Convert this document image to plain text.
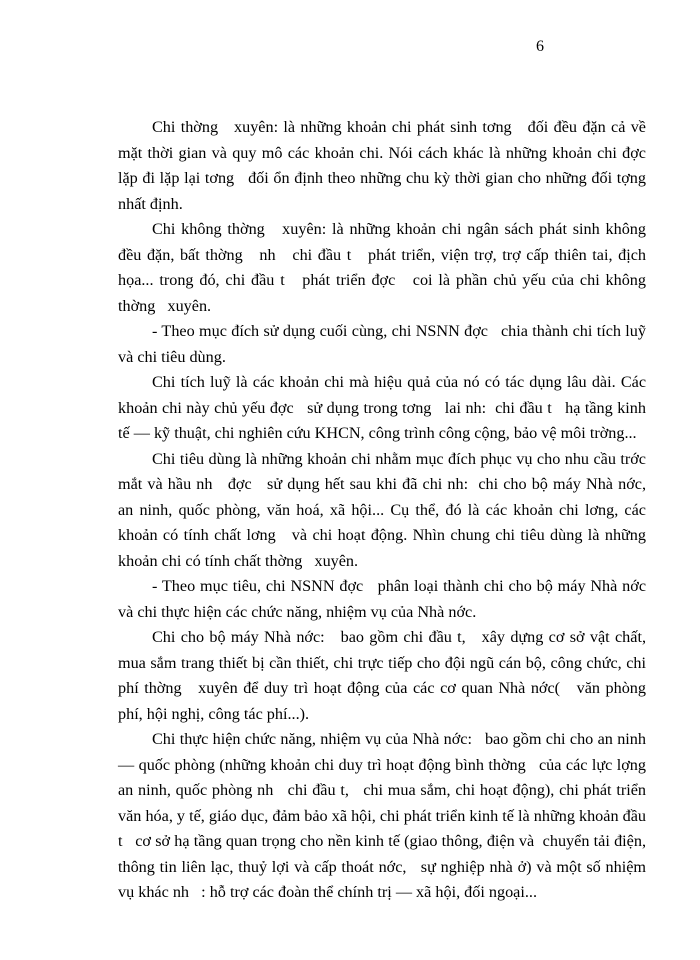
6

Chi thờng   xuyên: là những khoản chi phát sinh tơng   đối đều đặn cả về mặt thời gian và quy mô các khoản chi. Nói cách khác là những khoản chi đợc lặp đi lặp lại tơng   đối ổn định theo những chu kỳ thời gian cho những đối tợng nhất định.

Chi không thờng   xuyên: là những khoản chi ngân sách phát sinh không đều đặn, bất thờng   nh   chi đầu t   phát triển, viện trợ, trợ cấp thiên tai, địch họa... trong đó, chi đầu t   phát triển đợc   coi là phần chủ yếu của chi không thờng   xuyên.

- Theo mục đích sử dụng cuối cùng, chi NSNN đợc   chia thành chi tích luỹ và chi tiêu dùng.

Chi tích luỹ là các khoản chi mà hiệu quả của nó có tác dụng lâu dài. Các khoản chi này chủ yếu đợc   sử dụng trong tơng   lai nh:  chi đầu t   hạ tầng kinh tế — kỹ thuật, chi nghiên cứu KHCN, công trình công cộng, bảo vệ môi trờng...

Chi tiêu dùng là những khoản chi nhằm mục đích phục vụ cho nhu cầu trớc   mắt và hầu nh   đợc   sử dụng hết sau khi đã chi nh:  chi cho bộ máy Nhà nớc,   an ninh, quốc phòng, văn hoá, xã hội... Cụ thể, đó là các khoản chi lơng, các khoản có tính chất lơng   và chi hoạt động. Nhìn chung chi tiêu dùng là những khoản chi có tính chất thờng   xuyên.

- Theo mục tiêu, chi NSNN đợc   phân loại thành chi cho bộ máy Nhà nớc và chi thực hiện các chức năng, nhiệm vụ của Nhà nớc.

Chi cho bộ máy Nhà nớc:   bao gồm chi đầu t,   xây dựng cơ sở vật chất, mua sắm trang thiết bị cần thiết, chi trực tiếp cho đội ngũ cán bộ, công chức, chi phí thờng   xuyên để duy trì hoạt động của các cơ quan Nhà nớc(   văn phòng phí, hội nghị, công tác phí...).

Chi thực hiện chức năng, nhiệm vụ của Nhà nớc:   bao gồm chi cho an ninh — quốc phòng (những khoản chi duy trì hoạt động bình thờng   của các lực lợng an ninh, quốc phòng nh   chi đầu t,   chi mua sắm, chi hoạt động), chi phát triển văn hóa, y tế, giáo dục, đảm bảo xã hội, chi phát triển kinh tế là những khoản đầu t   cơ sở hạ tầng quan trọng cho nền kinh tế (giao thông, điện và  chuyển tải điện, thông tin liên lạc, thuỷ lợi và cấp thoát nớc,   sự nghiệp nhà ở) và một số nhiệm vụ khác nh   : hỗ trợ các đoàn thể chính trị — xã hội, đối ngoại...
